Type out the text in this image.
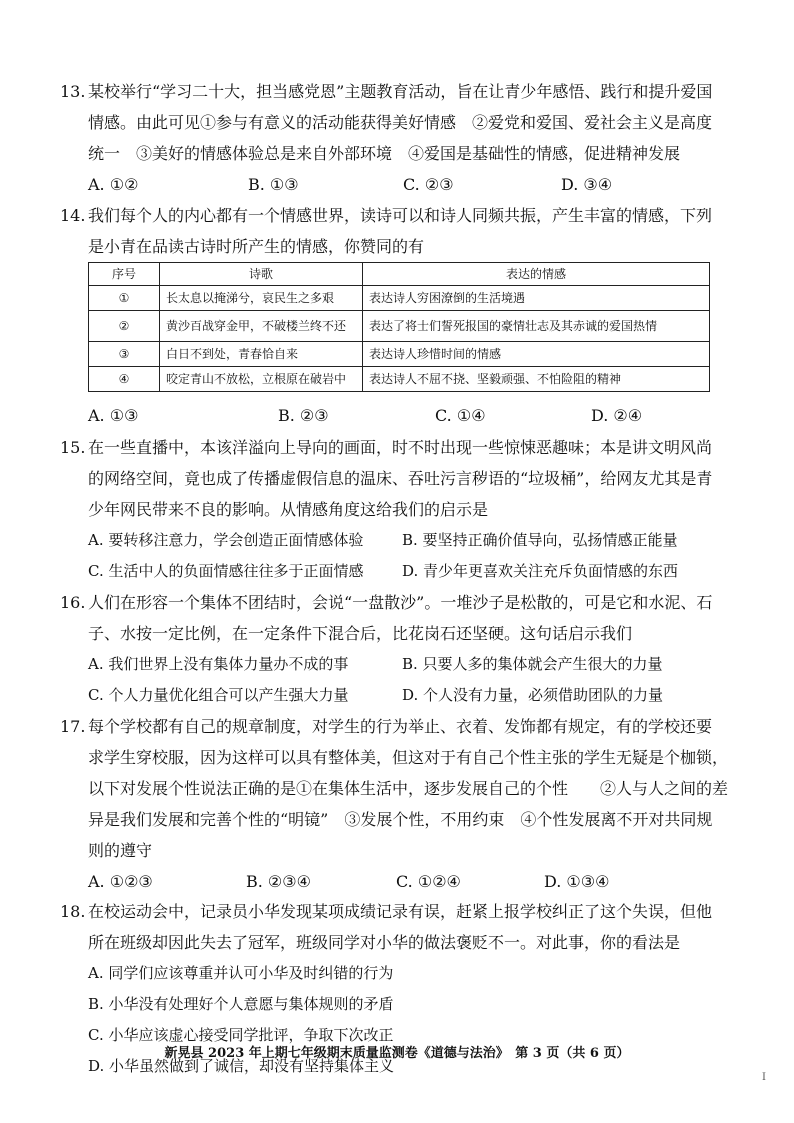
13. 某校举行“学习二十大，担当感党恩”主题教育活动，旨在让青少年感悟、践行和提升爱国
情感。由此可见①参与有意义的活动能获得美好情感　②爱党和爱国、爱社会主义是高度
统一　③美好的情感体验总是来自外部环境　④爱国是基础性的情感，促进精神发展
A. ①②	B. ①③	C. ②③	D. ③④
14. 我们每个人的内心都有一个情感世界，读诗可以和诗人同频共振，产生丰富的情感，下列
是小青在品读古诗时所产生的情感，你赞同的有
序号	诗歌	表达的情感
①	长太息以掩涕兮，哀民生之多艰	表达诗人穷困潦倒的生活境遇
②	黄沙百战穿金甲，不破楼兰终不还	表达了将士们誓死报国的豪情壮志及其赤诚的爱国热情
③	白日不到处，青春恰自来	表达诗人珍惜时间的情感
④	咬定青山不放松，立根原在破岩中	表达诗人不屈不挠、坚毅顽强、不怕险阻的精神
A. ①③	B. ②③	C. ①④	D. ②④
15. 在一些直播中，本该洋溢向上导向的画面，时不时出现一些惊悚恶趣味；本是讲文明风尚
的网络空间，竟也成了传播虚假信息的温床、吞吐污言秽语的“垃圾桶”，给网友尤其是青
少年网民带来不良的影响。从情感角度这给我们的启示是
A. 要转移注意力，学会创造正面情感体验	B. 要坚持正确价值导向，弘扬情感正能量
C. 生活中人的负面情感往往多于正面情感	D. 青少年更喜欢关注充斥负面情感的东西
16. 人们在形容一个集体不团结时，会说“一盘散沙”。一堆沙子是松散的，可是它和水泥、石
子、水按一定比例，在一定条件下混合后，比花岗石还坚硬。这句话启示我们
A. 我们世界上没有集体力量办不成的事	B. 只要人多的集体就会产生很大的力量
C. 个人力量优化组合可以产生强大力量	D. 个人没有力量，必须借助团队的力量
17. 每个学校都有自己的规章制度，对学生的行为举止、衣着、发饰都有规定，有的学校还要
求学生穿校服，因为这样可以具有整体美，但这对于有自己个性主张的学生无疑是个枷锁，
以下对发展个性说法正确的是①在集体生活中，逐步发展自己的个性　　②人与人之间的差
异是我们发展和完善个性的“明镜”　③发展个性，不用约束　④个性发展离不开对共同规
则的遵守
A. ①②③	B. ②③④	C. ①②④	D. ①③④
18. 在校运动会中，记录员小华发现某项成绩记录有误，赶紧上报学校纠正了这个失误，但他
所在班级却因此失去了冠军，班级同学对小华的做法褒贬不一。对此事，你的看法是
A. 同学们应该尊重并认可小华及时纠错的行为
B. 小华没有处理好个人意愿与集体规则的矛盾
C. 小华应该虚心接受同学批评，争取下次改正
D. 小华虽然做到了诚信，却没有坚持集体主义
新晃县 2023 年上期七年级期末质量监测卷《道德与法治》　第 3 页（共 6 页）
I
